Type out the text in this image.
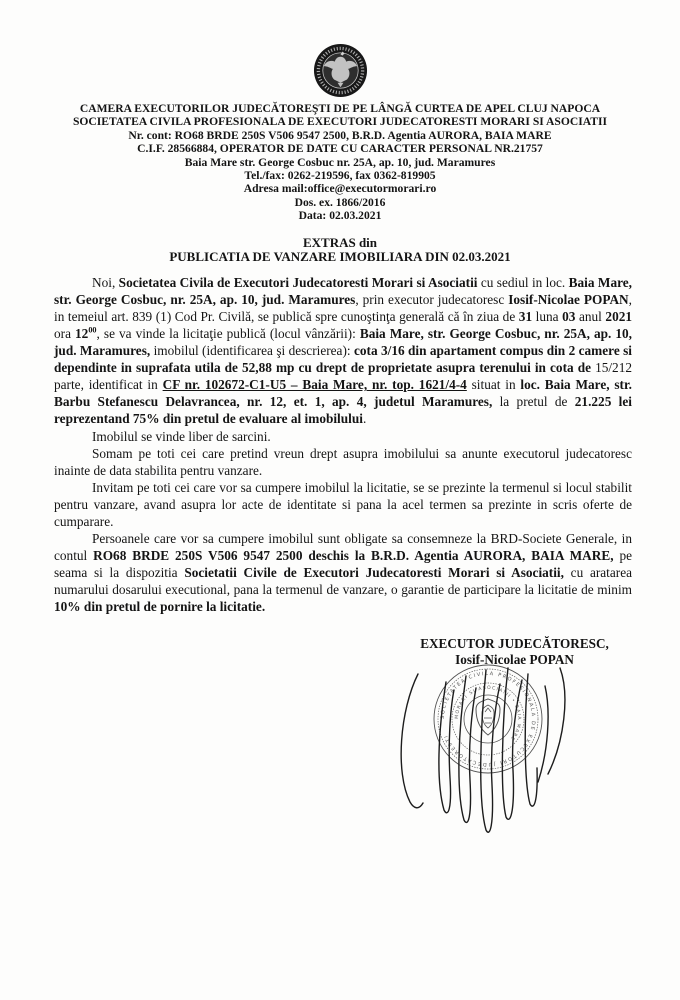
CAMERA EXECUTORILOR JUDECĂTOREŞTI DE PE LÂNGĂ CURTEA DE APEL CLUJ NAPOCA
SOCIETATEA CIVILA PROFESIONALA DE EXECUTORI JUDECATORESTI MORARI SI ASOCIATII
Nr. cont: RO68 BRDE 250S V506 9547 2500, B.R.D. Agentia AURORA, BAIA MARE
C.I.F. 28566884, OPERATOR DE DATE CU CARACTER PERSONAL NR.21757
Baia Mare str. George Cosbuc nr. 25A, ap. 10, jud. Maramures
Tel./fax: 0262-219596, fax 0362-819905
Adresa mail:office@executormorari.ro
Dos. ex. 1866/2016
Data: 02.03.2021
EXTRAS din
PUBLICATIA DE VANZARE IMOBILIARA DIN 02.03.2021

Noi, Societatea Civila de Executori Judecatoresti Morari si Asociatii cu sediul in loc. Baia Mare, str. George Cosbuc, nr. 25A, ap. 10, jud. Maramures, prin executor judecatoresc Iosif-Nicolae POPAN, in temeiul art. 839 (1) Cod Pr. Civilă, se publică spre cunoştinţa generală că în ziua de 31 luna 03 anul 2021 ora $12^{00}$, se va vinde la licitaţie publică (locul vânzării): Baia Mare, str. George Cosbuc, nr. 25A, ap. 10, jud. Maramures, imobilul (identificarea şi descrierea): cota 3/16 din apartament compus din 2 camere si dependinte in suprafata utila de 52,88 mp cu drept de proprietate asupra terenului in cota de 15/212 parte, identificat in CF nr. 102672-C1-U5 – Baia Mare, nr. top. 1621/4-4 situat in loc. Baia Mare, str. Barbu Stefanescu Delavrancea, nr. 12, et. 1, ap. 4, judetul Maramures, la pretul de 21.225 lei reprezentand 75% din pretul de evaluare al imobilului.

Imobilul se vinde liber de sarcini.

Somam pe toti cei care pretind vreun drept asupra imobilului sa anunte executorul judecatoresc inainte de data stabilita pentru vanzare.

Invitam pe toti cei care vor sa cumpere imobilul la licitatie, se se prezinte la termenul si locul stabilit pentru vanzare, avand asupra lor acte de identitate si pana la acel termen sa prezinte in scris oferte de cumparare.

Persoanele care vor sa cumpere imobilul sunt obligate sa consemneze la BRD-Societe Generale, in contul RO68 BRDE 250S V506 9547 2500 deschis la B.R.D. Agentia AURORA, BAIA MARE, pe seama si la dispozitia Societatii Civile de Executori Judecatoresti Morari si Asociatii, cu aratarea numarului dosarului executional, pana la termenul de vanzare, o garantie de participare la licitatie de minim 10% din pretul de pornire la licitatie.

EXECUTOR JUDECĂTORESC,
Iosif-Nicolae POPAN
SOCIETATEA CIVILA PROFESIONALA DE EXECUTORI JUDECATORESTI
MORARI SI ASOCIATII • BAIA MARE
